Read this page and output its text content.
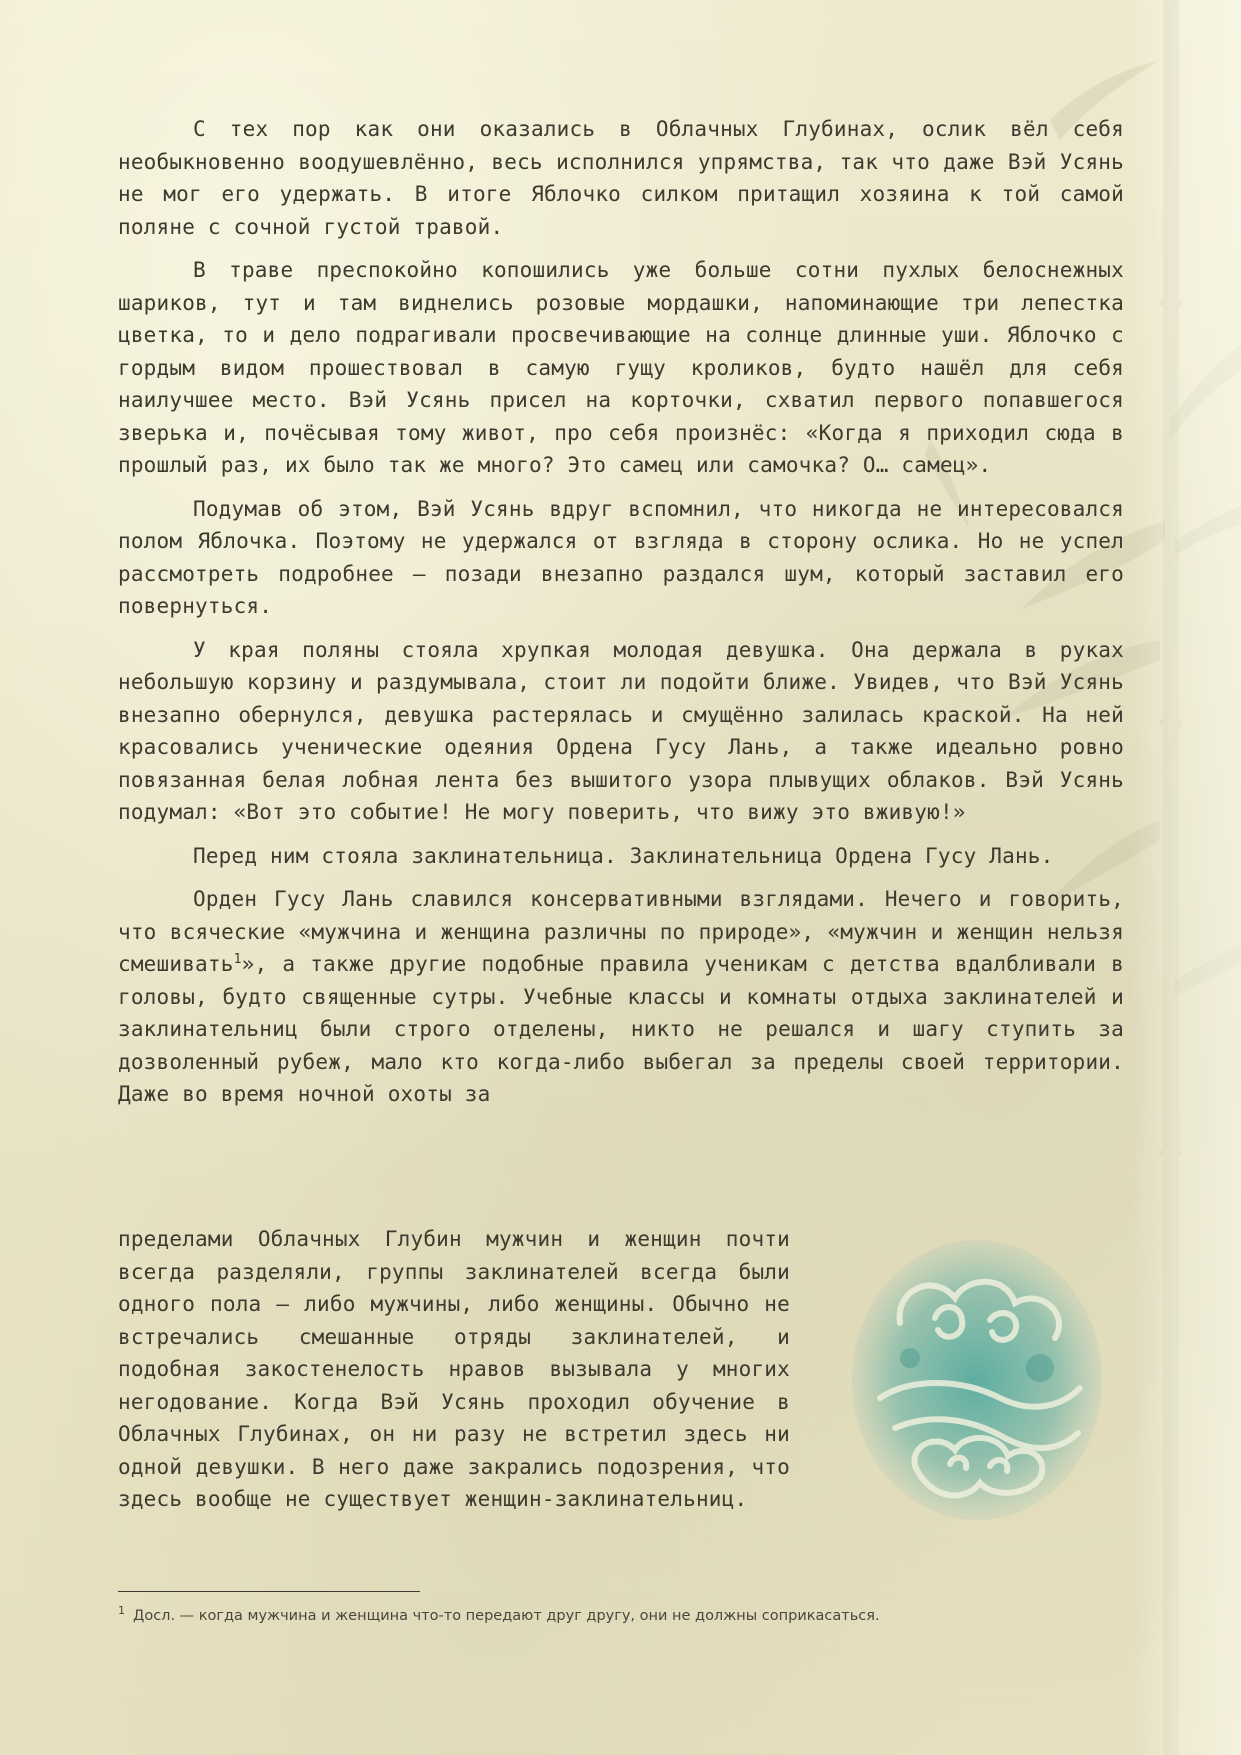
С тех пор как они оказались в Облачных Глубинах, ослик вёл себя необыкновенно воодушевлённо, весь исполнился упрямства, так что даже Вэй Усянь не мог его удержать. В итоге Яблочко силком притащил хозяина к той самой поляне с сочной густой травой.

В траве преспокойно копошились уже больше сотни пухлых белоснежных шариков, тут и там виднелись розовые мордашки, напоминающие три лепестка цветка, то и дело подрагивали просвечивающие на солнце длинные уши. Яблочко с гордым видом прошествовал в самую гущу кроликов, будто нашёл для себя наилучшее место. Вэй Усянь присел на корточки, схватил первого попавшегося зверька и, почёсывая тому живот, про себя произнёс: «Когда я приходил сюда в прошлый раз, их было так же много? Это самец или самочка? О… самец».

Подумав об этом, Вэй Усянь вдруг вспомнил, что никогда не интересовался полом Яблочка. Поэтому не удержался от взгляда в сторону ослика. Но не успел рассмотреть подробнее — позади внезапно раздался шум, который заставил его повернуться.

У края поляны стояла хрупкая молодая девушка. Она держала в руках небольшую корзину и раздумывала, стоит ли подойти ближе. Увидев, что Вэй Усянь внезапно обернулся, девушка растерялась и смущённо залилась краской. На ней красовались ученические одеяния Ордена Гусу Лань, а также идеально ровно повязанная белая лобная лента без вышитого узора плывущих облаков. Вэй Усянь подумал: «Вот это событие! Не могу поверить, что вижу это вживую!»

Перед ним стояла заклинательница. Заклинательница Ордена Гусу Лань.

Орден Гусу Лань славился консервативными взглядами. Нечего и говорить, что всяческие «мужчина и женщина различны по природе», «мужчин и женщин нельзя смешивать$^1$», а также другие подобные правила ученикам с детства вдалбливали в головы, будто священные сутры. Учебные классы и комнаты отдыха заклинателей и заклинательниц были строго отделены, никто не решался и шагу ступить за дозволенный рубеж, мало кто когда-либо выбегал за пределы своей территории. Даже во время ночной охоты за

пределами Облачных Глубин мужчин и женщин почти всегда разделяли, группы заклинателей всегда были одного пола — либо мужчины, либо женщины. Обычно не встречались смешанные отряды заклинателей, и подобная закостенелость нравов вызывала у многих негодование. Когда Вэй Усянь проходил обучение в Облачных Глубинах, он ни разу не встретил здесь ни одной девушки. В него даже закрались подозрения, что здесь вообще не существует женщин-заклинательниц.

$^1$ Досл. — когда мужчина и женщина что-то передают друг другу, они не должны соприкасаться.
